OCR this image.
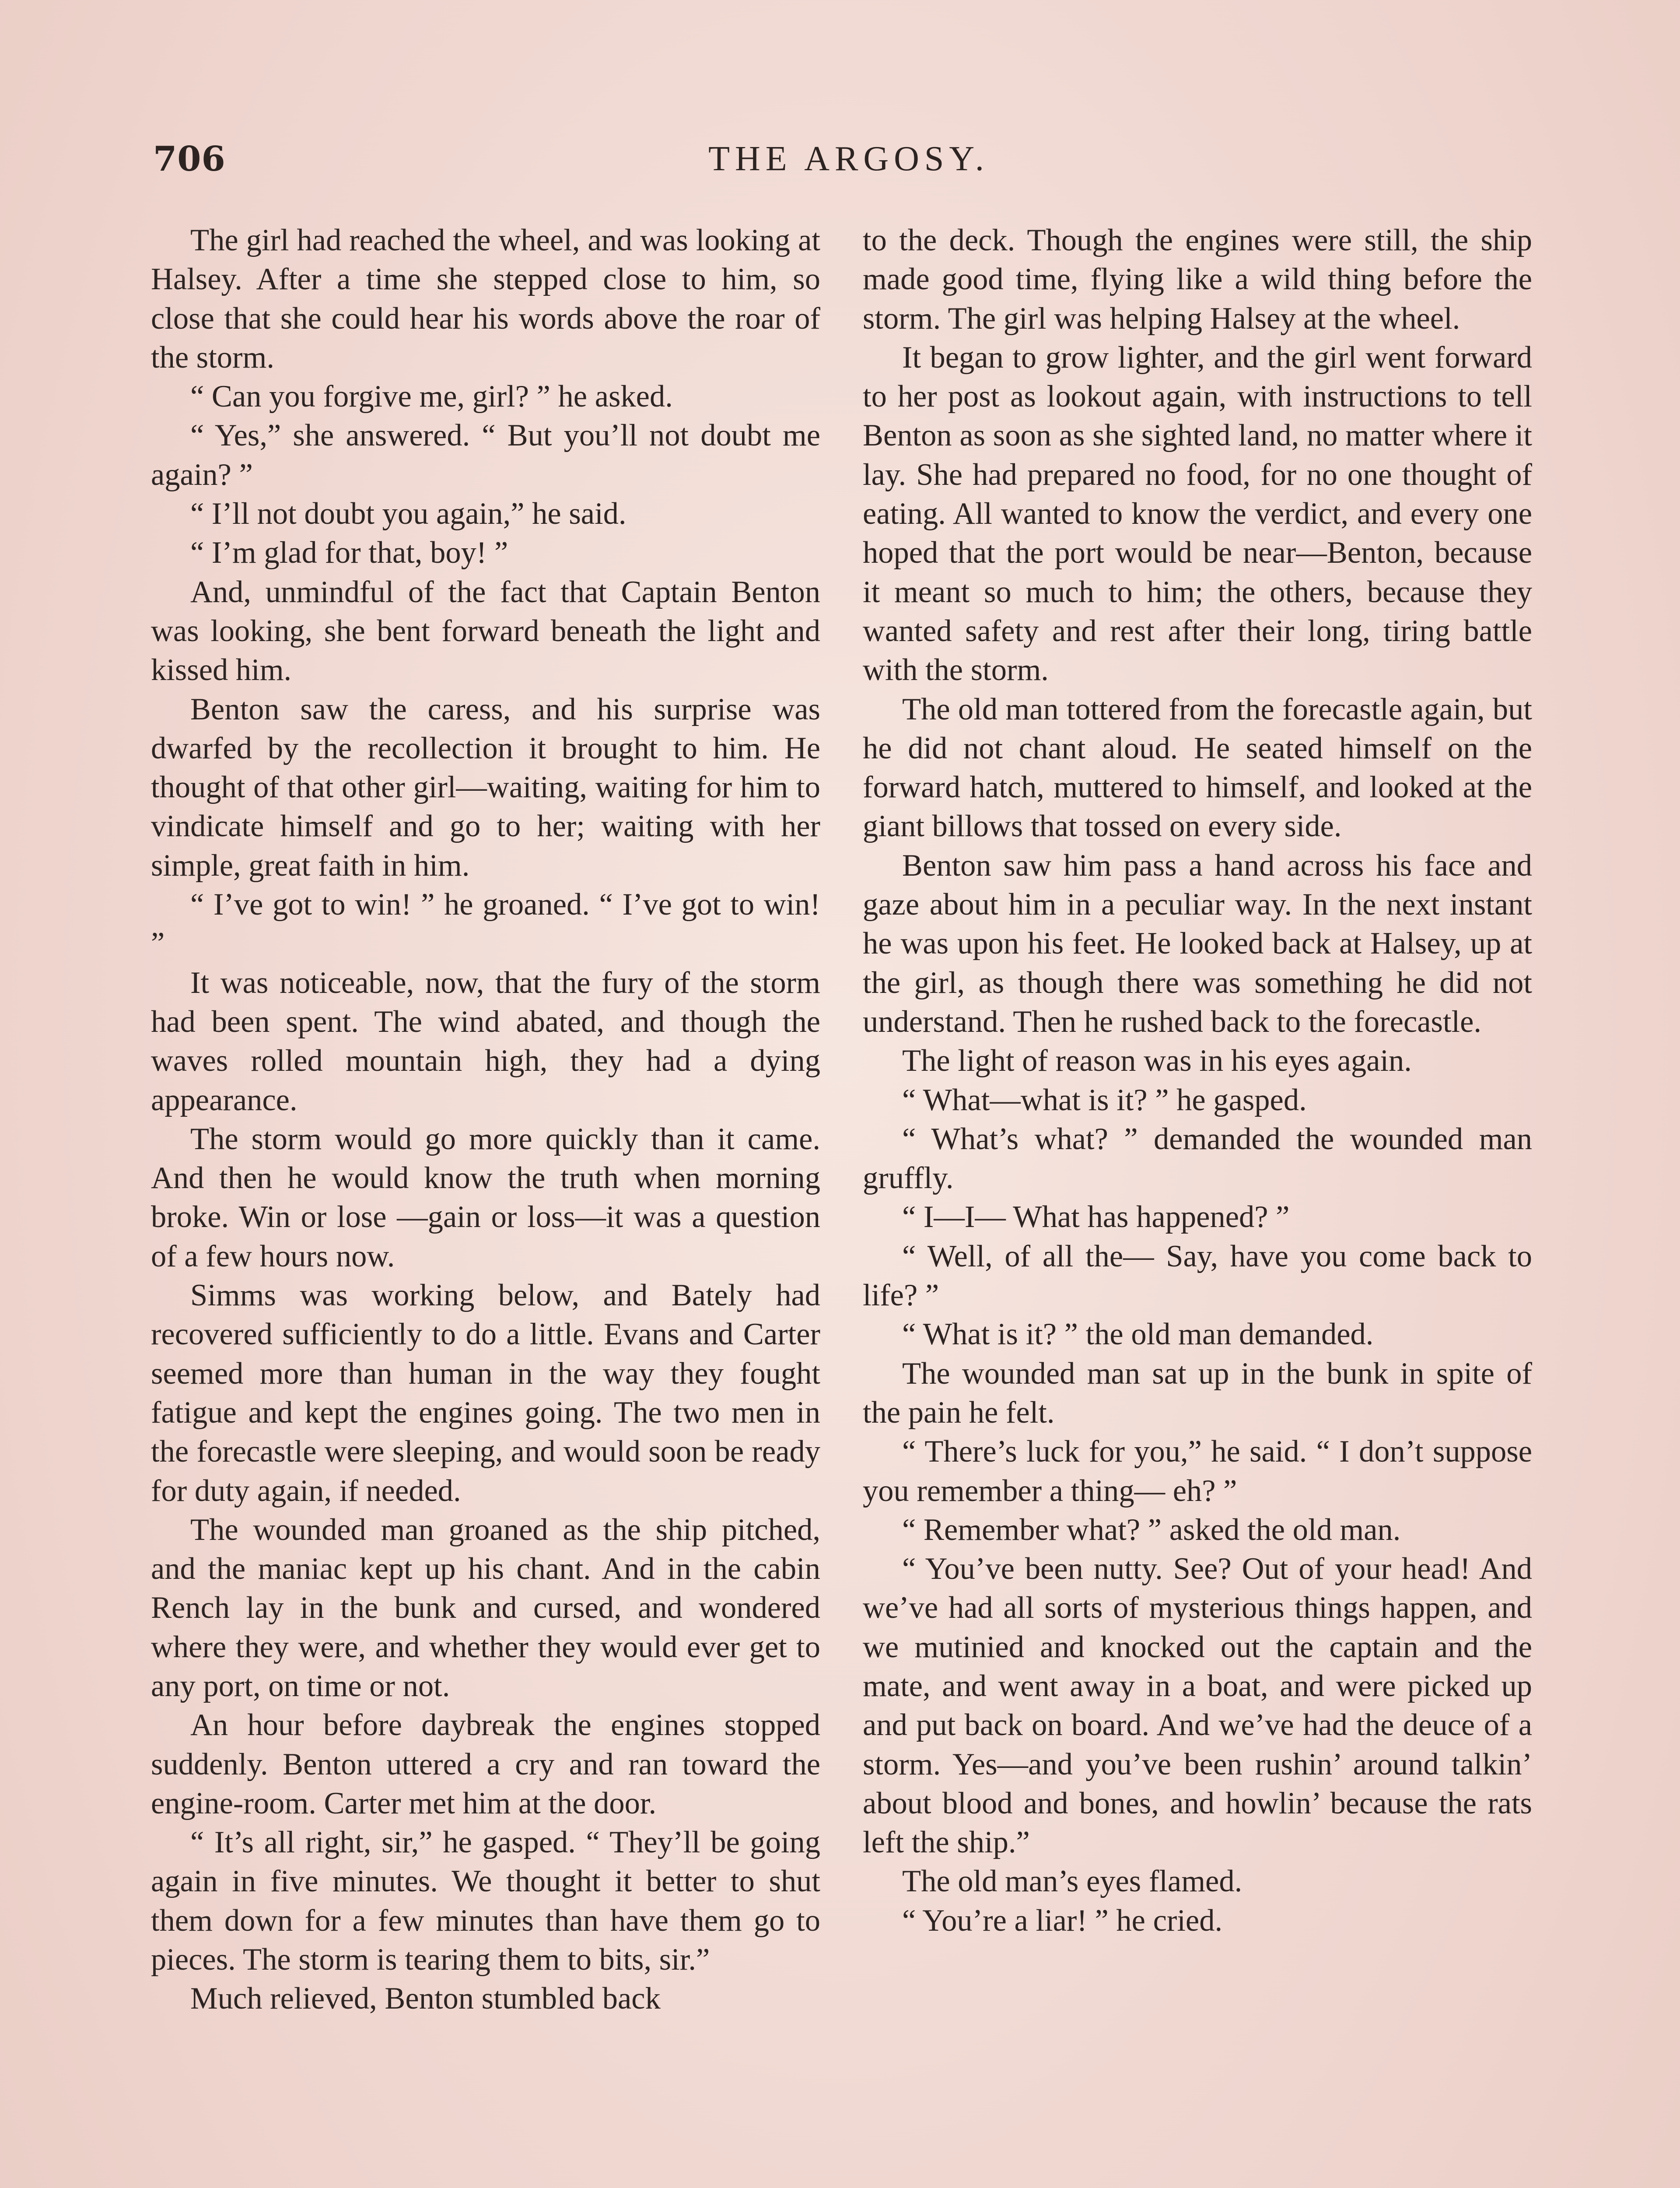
706	THE ARGOSY.

The girl had reached the wheel, and was looking at Halsey. After a time she stepped close to him, so close that she could hear his words above the roar of the storm.

“ Can you forgive me, girl? ” he asked.

“ Yes,” she answered. “ But you’ll not doubt me again? ”

“ I’ll not doubt you again,” he said.

“ I’m glad for that, boy! ”

And, unmindful of the fact that Captain Benton was looking, she bent forward beneath the light and kissed him.

Benton saw the caress, and his surprise was dwarfed by the recollection it brought to him. He thought of that other girl—waiting, waiting for him to vindicate himself and go to her; waiting with her simple, great faith in him.

“ I’ve got to win! ” he groaned. “ I’ve got to win! ”

It was noticeable, now, that the fury of the storm had been spent. The wind abated, and though the waves rolled mountain high, they had a dying appearance.

The storm would go more quickly than it came. And then he would know the truth when morning broke. Win or lose —gain or loss—it was a question of a few hours now.

Simms was working below, and Bately had recovered sufficiently to do a little. Evans and Carter seemed more than human in the way they fought fatigue and kept the engines going. The two men in the forecastle were sleeping, and would soon be ready for duty again, if needed.

The wounded man groaned as the ship pitched, and the maniac kept up his chant. And in the cabin Rench lay in the bunk and cursed, and wondered where they were, and whether they would ever get to any port, on time or not.

An hour before daybreak the engines stopped suddenly. Benton uttered a cry and ran toward the engine-room. Carter met him at the door.

“ It’s all right, sir,” he gasped. “ They’ll be going again in five minutes. We thought it better to shut them down for a few minutes than have them go to pieces. The storm is tearing them to bits, sir.”

Much relieved, Benton stumbled back

to the deck. Though the engines were still, the ship made good time, flying like a wild thing before the storm. The girl was helping Halsey at the wheel.

It began to grow lighter, and the girl went forward to her post as lookout again, with instructions to tell Benton as soon as she sighted land, no matter where it lay. She had prepared no food, for no one thought of eating. All wanted to know the verdict, and every one hoped that the port would be near—Benton, because it meant so much to him; the others, because they wanted safety and rest after their long, tiring battle with the storm.

The old man tottered from the forecastle again, but he did not chant aloud. He seated himself on the forward hatch, muttered to himself, and looked at the giant billows that tossed on every side.

Benton saw him pass a hand across his face and gaze about him in a peculiar way. In the next instant he was upon his feet. He looked back at Halsey, up at the girl, as though there was something he did not understand. Then he rushed back to the forecastle.

The light of reason was in his eyes again.

“ What—what is it? ” he gasped.

“ What’s what? ” demanded the wounded man gruffly.

“ I—I— What has happened? ”

“ Well, of all the— Say, have you come back to life? ”

“ What is it? ” the old man demanded.

The wounded man sat up in the bunk in spite of the pain he felt.

“ There’s luck for you,” he said. “ I don’t suppose you remember a thing— eh? ”

“ Remember what? ” asked the old man.

“ You’ve been nutty. See? Out of your head! And we’ve had all sorts of mysterious things happen, and we mutinied and knocked out the captain and the mate, and went away in a boat, and were picked up and put back on board. And we’ve had the deuce of a storm. Yes—and you’ve been rushin’ around talkin’ about blood and bones, and howlin’ because the rats left the ship.”

The old man’s eyes flamed.

“ You’re a liar! ” he cried.
